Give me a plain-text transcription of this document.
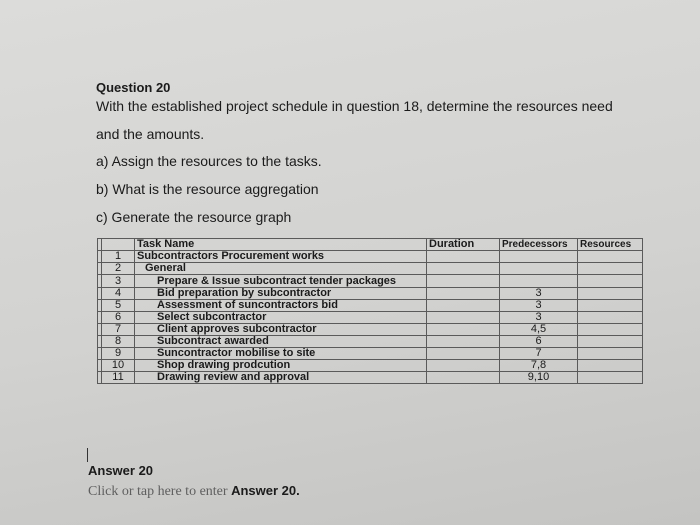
Question 20
With the established project schedule in question 18, determine the resources need
and the amounts.
a) Assign the resources to the tasks.
b) What is the resource aggregation
c) Generate the resource graph
		Task Name	Duration	Predecessors	Resources
	1	Subcontractors Procurement works			
	2	General			
	3	Prepare & Issue subcontract tender packages			
	4	Bid preparation by subcontractor		3	
	5	Assessment of suncontractors bid		3	
	6	Select subcontractor		3	
	7	Client approves subcontractor		4,5	
	8	Subcontract awarded		6	
	9	Suncontractor mobilise to site		7	
	10	Shop drawing prodcution		7,8	
	11	Drawing review and approval		9,10	
Answer 20
Click or tap here to enter Answer 20.
